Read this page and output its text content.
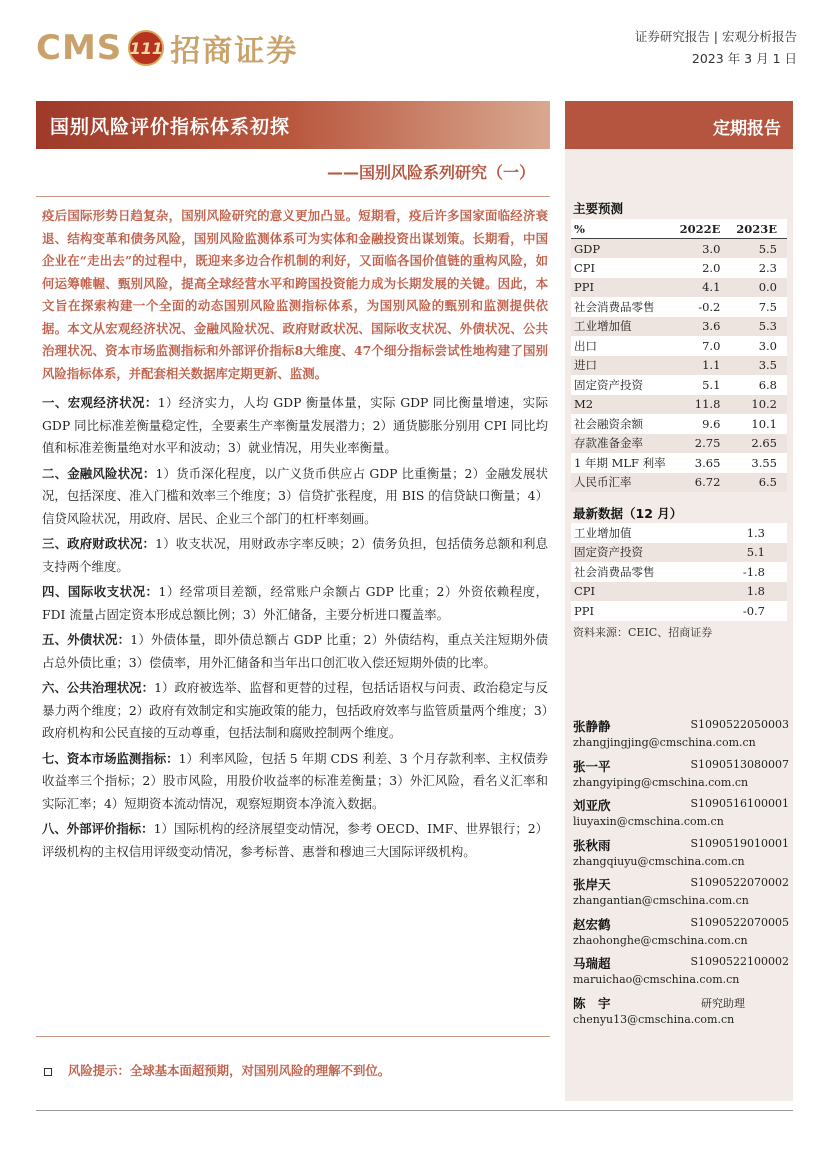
CMS 111 招商证券	证券研究报告 | 宏观分析报告
2023 年 3 月 1 日
国别风险评价指标体系初探
——国别风险系列研究（一）
定期报告
疫后国际形势日趋复杂，国别风险研究的意义更加凸显。短期看，疫后许多国家面临经济衰退、结构变革和债务风险，国别风险监测体系可为实体和金融投资出谋划策。长期看，中国企业在“走出去”的过程中，既迎来多边合作机制的利好，又面临各国价值链的重构风险，如何运筹帷幄、甄别风险，提高全球经营水平和跨国投资能力成为长期发展的关键。因此，本文旨在探索构建一个全面的动态国别风险监测指标体系，为国别风险的甄别和监测提供依据。本文从宏观经济状况、金融风险状况、政府财政状况、国际收支状况、外债状况、公共治理状况、资本市场监测指标和外部评价指标8大维度、47个细分指标尝试性地构建了国别风险指标体系，并配套相关数据库定期更新、监测。
一、宏观经济状况：1）经济实力，人均 GDP 衡量体量，实际 GDP 同比衡量增速，实际 GDP 同比标准差衡量稳定性，全要素生产率衡量发展潜力；2）通货膨胀分别用 CPI 同比均值和标准差衡量绝对水平和波动；3）就业情况，用失业率衡量。
二、金融风险状况：1）货币深化程度，以广义货币供应占 GDP 比重衡量；2）金融发展状况，包括深度、准入门槛和效率三个维度；3）信贷扩张程度，用 BIS 的信贷缺口衡量；4）信贷风险状况，用政府、居民、企业三个部门的杠杆率刻画。
三、政府财政状况：1）收支状况，用财政赤字率反映；2）债务负担，包括债务总额和利息支持两个维度。
四、国际收支状况：1）经常项目差额，经常账户余额占 GDP 比重；2）外资依赖程度，FDI 流量占固定资本形成总额比例；3）外汇储备，主要分析进口覆盖率。
五、外债状况：1）外债体量，即外债总额占 GDP 比重；2）外债结构，重点关注短期外债占总外债比重；3）偿债率，用外汇储备和当年出口创汇收入偿还短期外债的比率。
六、公共治理状况：1）政府被选举、监督和更替的过程，包括话语权与问责、政治稳定与反暴力两个维度；2）政府有效制定和实施政策的能力，包括政府效率与监管质量两个维度；3）政府机构和公民直接的互动尊重，包括法制和腐败控制两个维度。
七、资本市场监测指标：1）利率风险，包括 5 年期 CDS 利差、3 个月存款利率、主权债券收益率三个指标；2）股市风险，用股价收益率的标准差衡量；3）外汇风险，看名义汇率和实际汇率；4）短期资本流动情况，观察短期资本净流入数据。
八、外部评价指标：1）国际机构的经济展望变动情况，参考 OECD、IMF、世界银行；2）评级机构的主权信用评级变动情况，参考标普、惠誉和穆迪三大国际评级机构。
风险提示：全球基本面超预期，对国别风险的理解不到位。
主要预测
%	2022E	2023E
GDP	3.0	5.5
CPI	2.0	2.3
PPI	4.1	0.0
社会消费品零售	-0.2	7.5
工业增加值	3.6	5.3
出口	7.0	3.0
进口	1.1	3.5
固定资产投资	5.1	6.8
M2	11.8	10.2
社会融资余额	9.6	10.1
存款准备金率	2.75	2.65
1 年期 MLF 利率	3.65	3.55
人民币汇率	6.72	6.5
最新数据（12 月）
工业增加值	1.3
固定资产投资	5.1
社会消费品零售	-1.8
CPI	1.8
PPI	-0.7
资料来源：CEIC、招商证券
张静静	S1090522050003
zhangjingjing@cmschina.com.cn
张一平	S1090513080007
zhangyiping@cmschina.com.cn
刘亚欣	S1090516100001
liuyaxin@cmschina.com.cn
张秋雨	S1090519010001
zhangqiuyu@cmschina.com.cn
张岸天	S1090522070002
zhangantian@cmschina.com.cn
赵宏鹤	S1090522070005
zhaohonghe@cmschina.com.cn
马瑞超	S1090522100002
maruichao@cmschina.com.cn
陈　宇	研究助理
chenyu13@cmschina.com.cn
